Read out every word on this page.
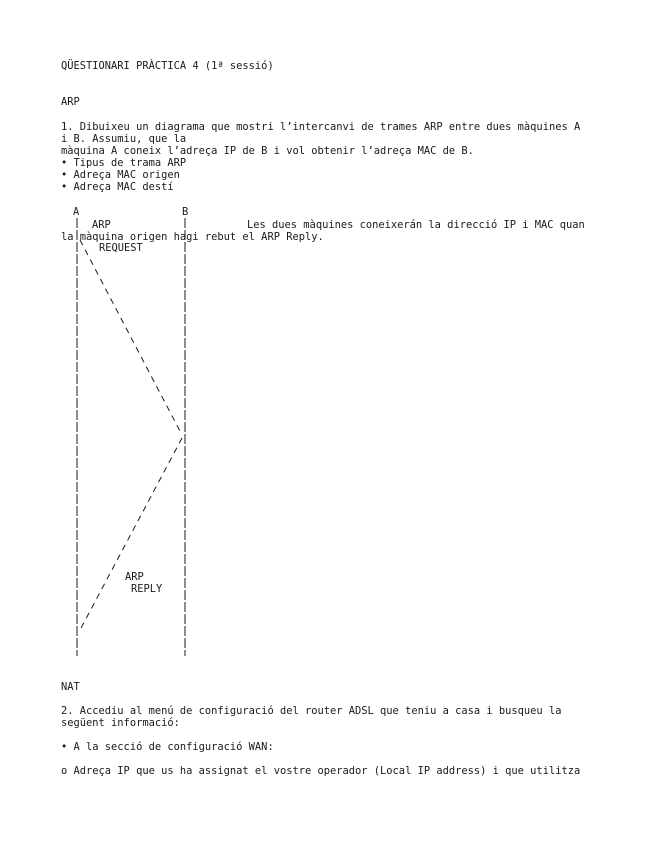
QÜESTIONARI PRÀCTICA 4 (1ª sessió)
ARP
1. Dibuixeu un diagrama que mostri l’intercanvi de trames ARP entre dues màquines A
i B. Assumiu, que la
màquina A coneix l’adreça IP de B i vol obtenir l’adreça MAC de B.
• Tipus de trama ARP
• Adreça MAC origen
• Adreça MAC destí
A	B
ARP
REQUEST
Les dues màquines coneixerán la direcció IP i MAC quan
la màquina origen hagi rebut el ARP Reply.
ARP
REPLY
NAT
2. Accediu al menú de configuració del router ADSL que teniu a casa i busqueu la
següent informació:
• A la secció de configuració WAN:
o Adreça IP que us ha assignat el vostre operador (Local IP address) i que utilitza
